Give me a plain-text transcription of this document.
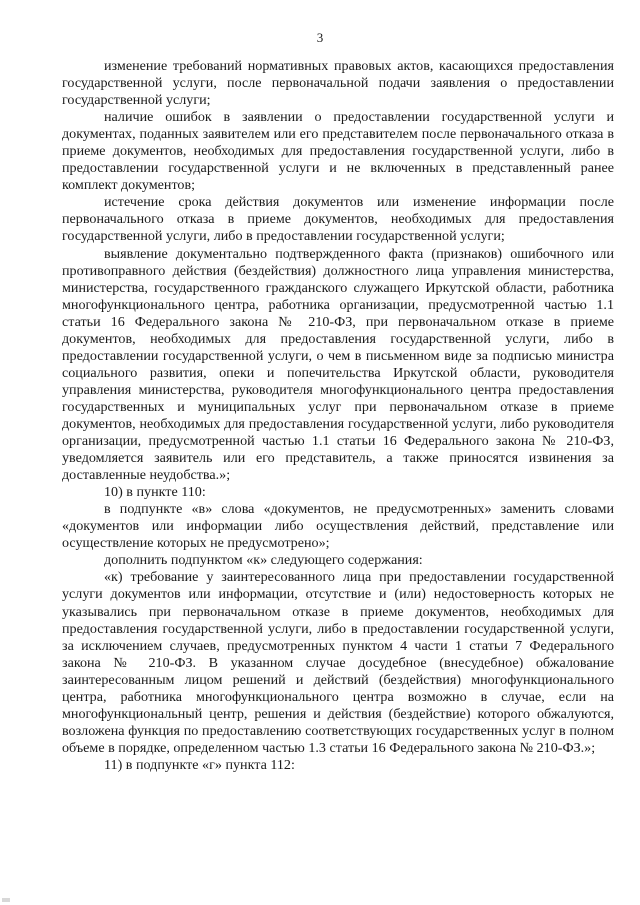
3

изменение требований нормативных правовых актов, касающихся предоставления государственной услуги, после первоначальной подачи заявления о предоставлении государственной услуги;

наличие ошибок в заявлении о предоставлении государственной услуги и документах, поданных заявителем или его представителем после первоначального отказа в приеме документов, необходимых для предоставления государственной услуги, либо в предоставлении государственной услуги и не включенных в представленный ранее комплект документов;

истечение срока действия документов или изменение информации после первоначального отказа в приеме документов, необходимых для предоставления государственной услуги, либо в предоставлении государственной услуги;

выявление документально подтвержденного факта (признаков) ошибочного или противоправного действия (бездействия) должностного лица управления министерства, министерства, государственного гражданского служащего Иркутской области, работника многофункционального центра, работника организации, предусмотренной частью 1.1 статьи 16 Федерального закона № 210-ФЗ, при первоначальном отказе в приеме документов, необходимых для предоставления государственной услуги, либо в предоставлении государственной услуги, о чем в письменном виде за подписью министра социального развития, опеки и попечительства Иркутской области, руководителя управления министерства, руководителя многофункционального центра предоставления государственных и муниципальных услуг при первоначальном отказе в приеме документов, необходимых для предоставления государственной услуги, либо руководителя организации, предусмотренной частью 1.1 статьи 16 Федерального закона № 210-ФЗ, уведомляется заявитель или его представитель, а также приносятся извинения за доставленные неудобства.»;

10) в пункте 110:

в подпункте «в» слова «документов, не предусмотренных» заменить словами «документов или информации либо осуществления действий, представление или осуществление которых не предусмотрено»;

дополнить подпунктом «к» следующего содержания:

«к) требование у заинтересованного лица при предоставлении государственной услуги документов или информации, отсутствие и (или) недостоверность которых не указывались при первоначальном отказе в приеме документов, необходимых для предоставления государственной услуги, либо в предоставлении государственной услуги, за исключением случаев, предусмотренных пунктом 4 части 1 статьи 7 Федерального закона № 210-ФЗ. В указанном случае досудебное (внесудебное) обжалование заинтересованным лицом решений и действий (бездействия) многофункционального центра, работника многофункционального центра возможно в случае, если на многофункциональный центр, решения и действия (бездействие) которого обжалуются, возложена функция по предоставлению соответствующих государственных услуг в полном объеме в порядке, определенном частью 1.3 статьи 16 Федерального закона № 210-ФЗ.»;

11) в подпункте «г» пункта 112:
